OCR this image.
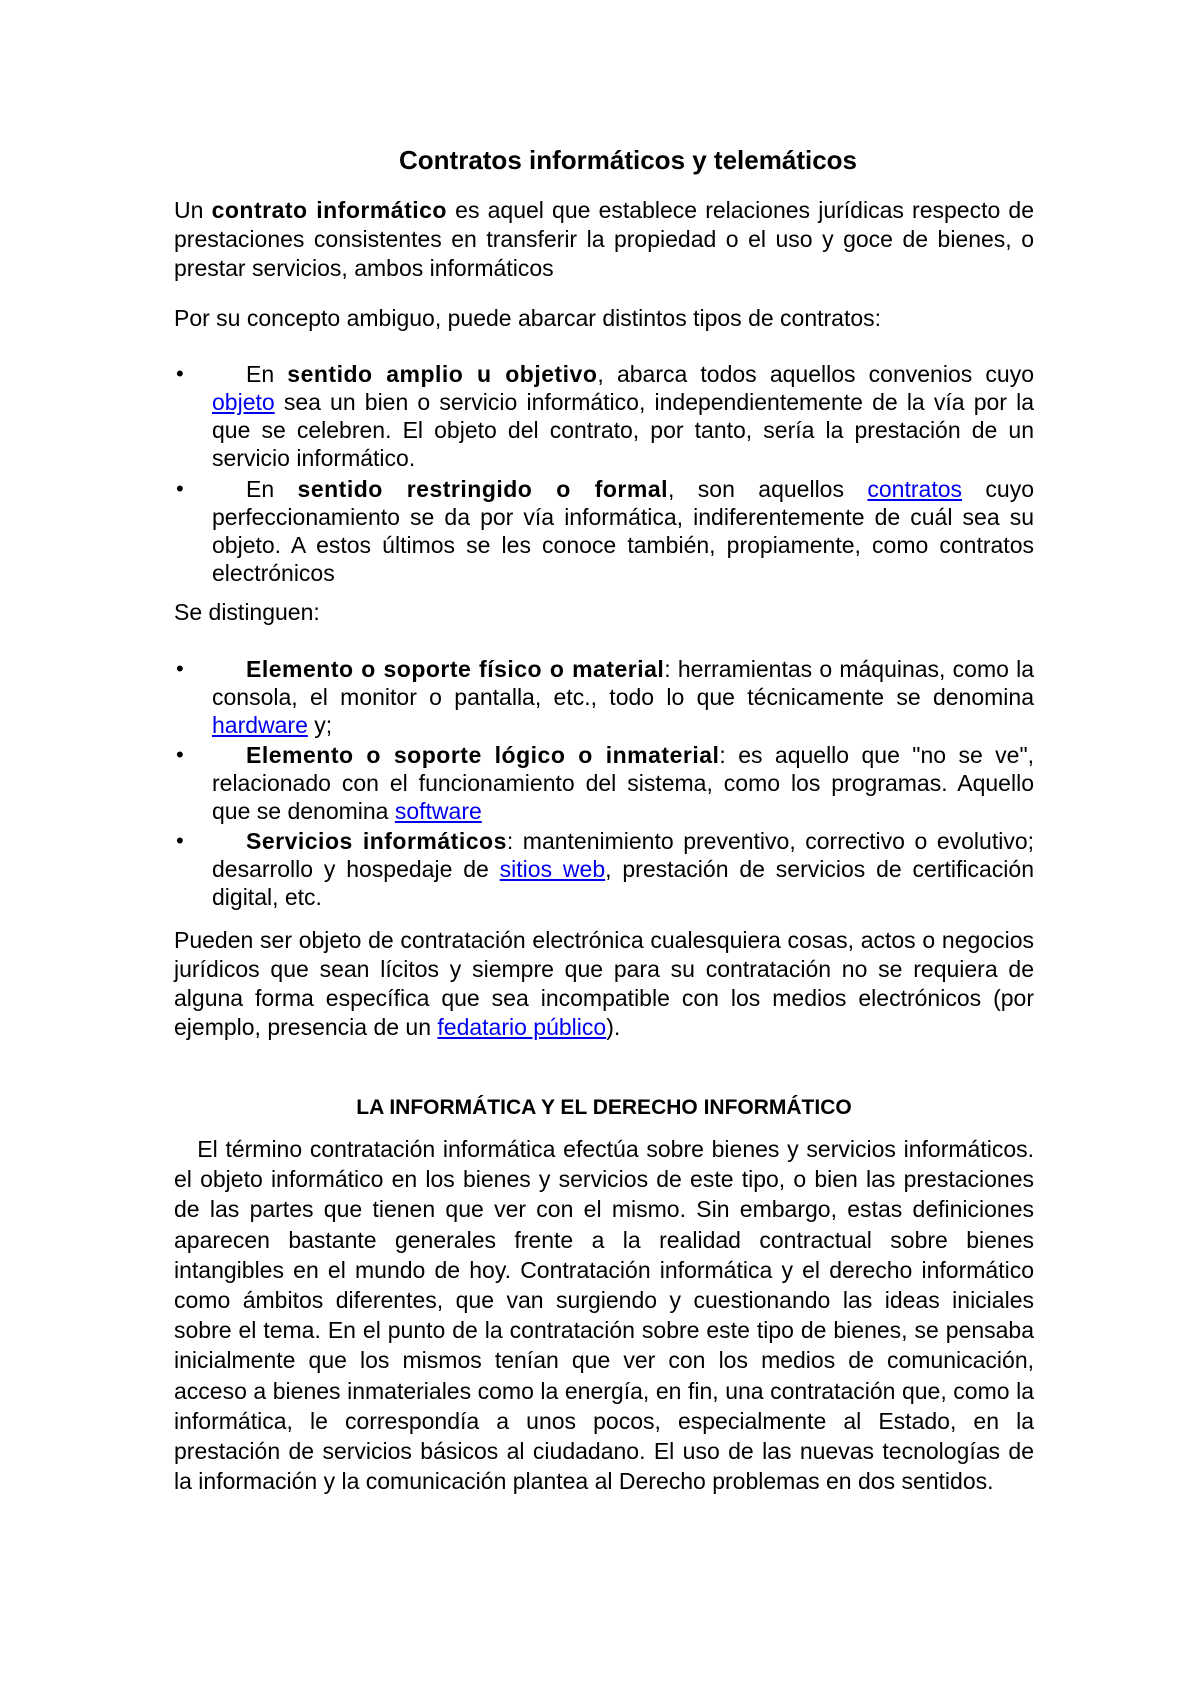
Contratos informáticos y telemáticos

Un contrato informático es aquel que establece relaciones jurídicas respecto de prestaciones consistentes en transferir la propiedad o el uso y goce de bienes, o prestar servicios, ambos informáticos

Por su concepto ambiguo, puede abarcar distintos tipos de contratos:

•	En sentido amplio u objetivo, abarca todos aquellos convenios cuyo objeto sea un bien o servicio informático, independientemente de la vía por la que se celebren. El objeto del contrato, por tanto, sería la prestación de un servicio informático.
•	En sentido restringido o formal, son aquellos contratos cuyo perfeccionamiento se da por vía informática, indiferentemente de cuál sea su objeto. A estos últimos se les conoce también, propiamente, como contratos electrónicos

Se distinguen:

•	Elemento o soporte físico o material: herramientas o máquinas, como la consola, el monitor o pantalla, etc., todo lo que técnicamente se denomina hardware y;
•	Elemento o soporte lógico o inmaterial: es aquello que "no se ve", relacionado con el funcionamiento del sistema, como los programas. Aquello que se denomina software
•	Servicios informáticos: mantenimiento preventivo, correctivo o evolutivo; desarrollo y hospedaje de sitios web, prestación de servicios de certificación digital, etc.

Pueden ser objeto de contratación electrónica cualesquiera cosas, actos o negocios jurídicos que sean lícitos y siempre que para su contratación no se requiera de alguna forma específica que sea incompatible con los medios electrónicos (por ejemplo, presencia de un fedatario público).

LA INFORMÁTICA Y EL DERECHO INFORMÁTICO

El término contratación informática efectúa sobre bienes y servicios informáticos. el objeto informático en los bienes y servicios de este tipo, o bien las prestaciones de las partes que tienen que ver con el mismo. Sin embargo, estas definiciones aparecen bastante generales frente a la realidad contractual sobre bienes intangibles en el mundo de hoy. Contratación informática y el derecho informático como ámbitos diferentes, que van surgiendo y cuestionando las ideas iniciales sobre el tema. En el punto de la contratación sobre este tipo de bienes, se pensaba inicialmente que los mismos tenían que ver con los medios de comunicación, acceso a bienes inmateriales como la energía, en fin, una contratación que, como la informática, le correspondía a unos pocos, especialmente al Estado, en la prestación de servicios básicos al ciudadano. El uso de las nuevas tecnologías de la información y la comunicación plantea al Derecho problemas en dos sentidos.
